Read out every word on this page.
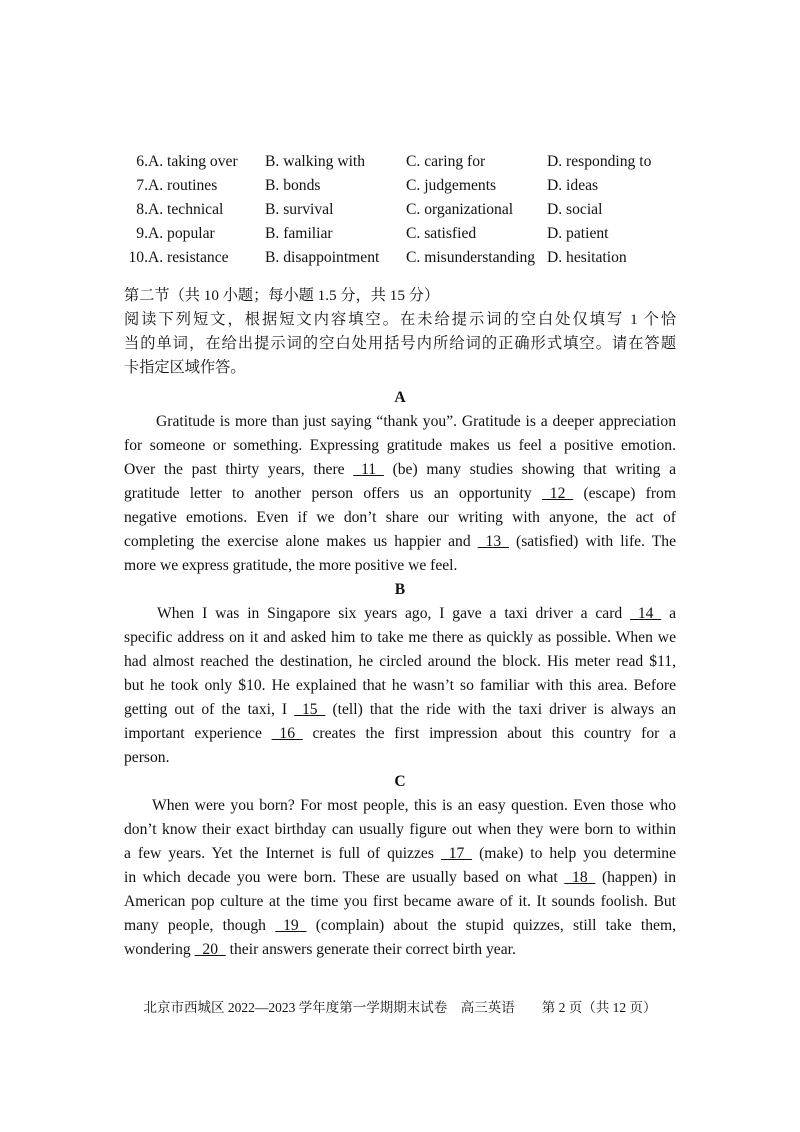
6. A. taking over B. walking with	C. caring for	D. responding to
7. A. routines	B. bonds	C. judgements	D. ideas
8. A. technical	B. survival	C. organizational D. social
9. A. popular	B. familiar	C. satisfied	D. patient
10. A. resistance B. disappointment C. misunderstanding D. hesitation
第二节（共 10 小题；每小题 1.5 分，共 15 分）
阅读下列短文，根据短文内容填空。在未给提示词的空白处仅填写 1 个恰
当的单词，在给出提示词的空白处用括号内所给词的正确形式填空。请在答题
卡指定区域作答。
A
Gratitude is more than just saying “thank you”. Gratitude is a deeper appreciation
for someone or something. Expressing gratitude makes us feel a positive emotion.
Over the past thirty years, there   11   (be) many studies showing that writing a
gratitude letter to another person offers us an opportunity   12   (escape) from
negative emotions. Even if we don’t share our writing with anyone, the act of
completing the exercise alone makes us happier and   13   (satisfied) with life. The
more we express gratitude, the more positive we feel.
B
When I was in Singapore six years ago, I gave a taxi driver a card   14   a
specific address on it and asked him to take me there as quickly as possible. When we
had almost reached the destination, he circled around the block. His meter read $11,
but he took only $10. He explained that he wasn’t so familiar with this area. Before
getting out of the taxi, I   15   (tell) that the ride with the taxi driver is always an
important experience   16   creates the first impression about this country for a
person.
C
When were you born? For most people, this is an easy question. Even those who
don’t know their exact birthday can usually figure out when they were born to within
a few years. Yet the Internet is full of quizzes   17   (make) to help you determine
in which decade you were born. These are usually based on what   18   (happen) in
American pop culture at the time you first became aware of it. It sounds foolish. But
many people, though   19   (complain) about the stupid quizzes, still take them,
wondering   20   their answers generate their correct birth year.
北京市西城区 2022—2023 学年度第一学期期末试卷　高三英语　　第 2 页（共 12 页）
